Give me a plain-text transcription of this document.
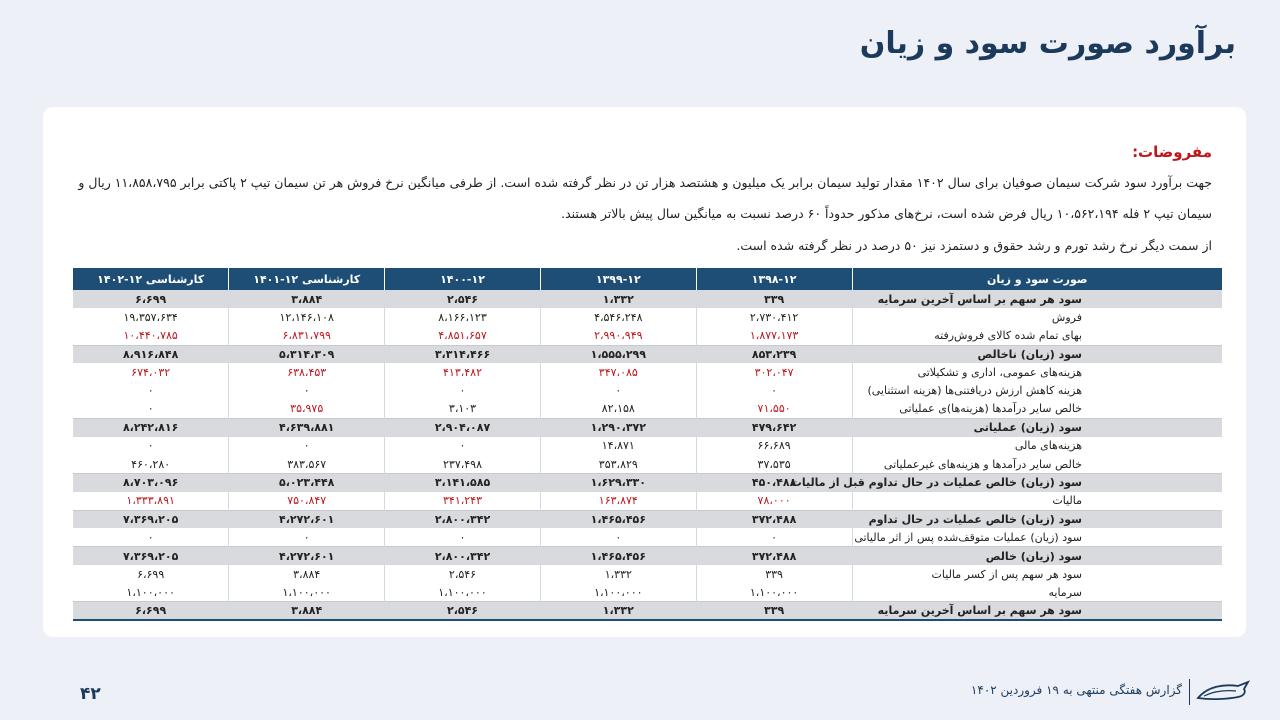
برآورد صورت سود و زیان
مفروضات:
جهت برآورد سود شرکت سیمان صوفیان برای سال ۱۴۰۲ مقدار تولید سیمان برابر یک میلیون و هشتصد هزار تن در نظر گرفته شده است. از طرفی میانگین نرخ فروش هر تن سیمان تیپ ۲ پاکتی برابر ۱۱،۸۵۸،۷۹۵ ریال و
سیمان تیپ ۲ فله ۱۰،۵۶۲،۱۹۴ ریال فرض شده است، نرخ‌های مذکور حدوداً ۶۰ درصد نسبت به میانگین سال پیش بالاتر هستند.
از سمت دیگر نرخ رشد تورم و رشد حقوق و دستمزد نیز ۵۰ درصد در نظر گرفته شده است.
صورت سود و زیان	۱۳۹۸-۱۲	۱۳۹۹-۱۲	۱۴۰۰-۱۲	کارشناسی ۱۲-۱۴۰۱	کارشناسی ۱۲-۱۴۰۲
سود هر سهم بر اساس آخرین سرمایه	۳۳۹	۱،۳۳۲	۲،۵۴۶	۳،۸۸۴	۶،۶۹۹
فروش	۲،۷۳۰،۴۱۲	۴،۵۴۶،۲۴۸	۸،۱۶۶،۱۲۳	۱۲،۱۴۶،۱۰۸	۱۹،۳۵۷،۶۳۴
بهای تمام شده کالای فروش‌رفته	۱،۸۷۷،۱۷۳	۲،۹۹۰،۹۴۹	۴،۸۵۱،۶۵۷	۶،۸۳۱،۷۹۹	۱۰،۴۴۰،۷۸۵
سود (زیان) ناخالص	۸۵۳،۲۳۹	۱،۵۵۵،۲۹۹	۳،۳۱۴،۴۶۶	۵،۳۱۴،۳۰۹	۸،۹۱۶،۸۴۸
هزینه‌های عمومی، اداری و تشکیلاتی	۳۰۲،۰۴۷	۳۴۷،۰۸۵	۴۱۳،۴۸۲	۶۳۸،۴۵۳	۶۷۴،۰۳۲
هزینه کاهش ارزش دریافتنی‌ها (هزینه استثنایی)	۰	۰	۰	۰	۰
خالص سایر درآمدها (هزینه‌ها)ی عملیاتی	۷۱،۵۵۰	۸۲،۱۵۸	۳،۱۰۳	۳۵،۹۷۵	۰
سود (زیان) عملیاتی	۴۷۹،۶۴۲	۱،۲۹۰،۳۷۲	۲،۹۰۴،۰۸۷	۴،۶۳۹،۸۸۱	۸،۲۴۲،۸۱۶
هزینه‌های مالی	۶۶،۶۸۹	۱۴،۸۷۱	۰	۰	۰
خالص سایر درآمدها و هزینه‌های غیرعملیاتی	۳۷،۵۳۵	۳۵۳،۸۲۹	۲۳۷،۴۹۸	۳۸۳،۵۶۷	۴۶۰،۲۸۰
سود (زیان) خالص عملیات در حال تداوم قبل از مالیات	۴۵۰،۴۸۸	۱،۶۲۹،۳۳۰	۳،۱۴۱،۵۸۵	۵،۰۲۳،۴۴۸	۸،۷۰۳،۰۹۶
مالیات	۷۸،۰۰۰	۱۶۳،۸۷۴	۳۴۱،۲۴۳	۷۵۰،۸۴۷	۱،۳۳۳،۸۹۱
سود (زیان) خالص عملیات در حال تداوم	۳۷۲،۴۸۸	۱،۴۶۵،۴۵۶	۲،۸۰۰،۳۴۲	۴،۲۷۲،۶۰۱	۷،۳۶۹،۲۰۵
سود (زیان) عملیات متوقف‌شده پس از اثر مالیاتی	۰	۰	۰	۰	۰
سود (زیان) خالص	۳۷۲،۴۸۸	۱،۴۶۵،۴۵۶	۲،۸۰۰،۳۴۲	۴،۲۷۲،۶۰۱	۷،۳۶۹،۲۰۵
سود هر سهم پس از کسر مالیات	۳۳۹	۱،۳۳۲	۲،۵۴۶	۳،۸۸۴	۶،۶۹۹
سرمایه	۱،۱۰۰،۰۰۰	۱،۱۰۰،۰۰۰	۱،۱۰۰،۰۰۰	۱،۱۰۰،۰۰۰	۱،۱۰۰،۰۰۰
سود هر سهم بر اساس آخرین سرمایه	۳۳۹	۱،۳۳۲	۲،۵۴۶	۳،۸۸۴	۶،۶۹۹
۴۲	گزارش هفتگی منتهی به ۱۹ فروردین ۱۴۰۲
